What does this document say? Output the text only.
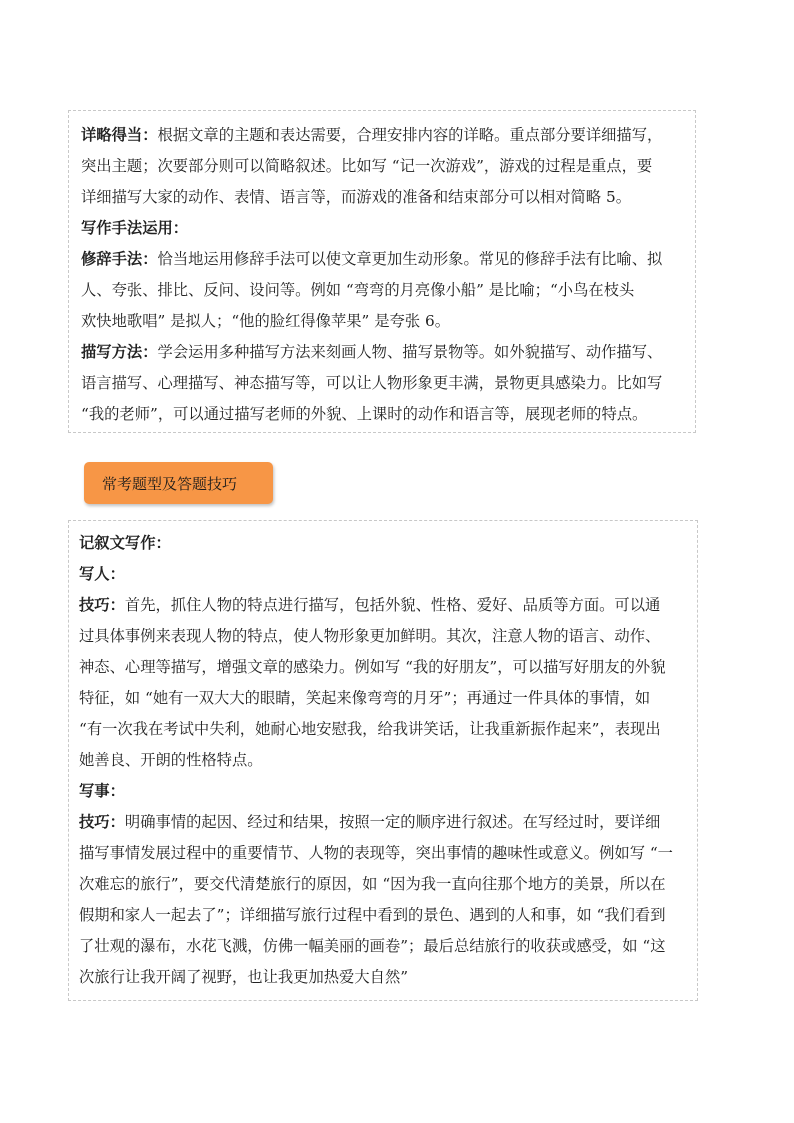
详略得当：根据文章的主题和表达需要，合理安排内容的详略。重点部分要详细描写，
突出主题；次要部分则可以简略叙述。比如写 “记一次游戏”，游戏的过程是重点，要
详细描写大家的动作、表情、语言等，而游戏的准备和结束部分可以相对简略 5。
写作手法运用：
修辞手法：恰当地运用修辞手法可以使文章更加生动形象。常见的修辞手法有比喻、拟
人、夸张、排比、反问、设问等。例如 “弯弯的月亮像小船” 是比喻；“小鸟在枝头
欢快地歌唱” 是拟人；“他的脸红得像苹果” 是夸张 6。
描写方法：学会运用多种描写方法来刻画人物、描写景物等。如外貌描写、动作描写、
语言描写、心理描写、神态描写等，可以让人物形象更丰满，景物更具感染力。比如写
“我的老师”，可以通过描写老师的外貌、上课时的动作和语言等，展现老师的特点。
常考题型及答题技巧
记叙文写作：
写人：
技巧：首先，抓住人物的特点进行描写，包括外貌、性格、爱好、品质等方面。可以通
过具体事例来表现人物的特点，使人物形象更加鲜明。其次，注意人物的语言、动作、
神态、心理等描写，增强文章的感染力。例如写 “我的好朋友”，可以描写好朋友的外貌
特征，如 “她有一双大大的眼睛，笑起来像弯弯的月牙”；再通过一件具体的事情，如
“有一次我在考试中失利，她耐心地安慰我，给我讲笑话，让我重新振作起来”，表现出
她善良、开朗的性格特点。
写事：
技巧：明确事情的起因、经过和结果，按照一定的顺序进行叙述。在写经过时，要详细
描写事情发展过程中的重要情节、人物的表现等，突出事情的趣味性或意义。例如写 “一
次难忘的旅行”，要交代清楚旅行的原因，如 “因为我一直向往那个地方的美景，所以在
假期和家人一起去了”；详细描写旅行过程中看到的景色、遇到的人和事，如 “我们看到
了壮观的瀑布，水花飞溅，仿佛一幅美丽的画卷”；最后总结旅行的收获或感受，如 “这
次旅行让我开阔了视野，也让我更加热爱大自然”
